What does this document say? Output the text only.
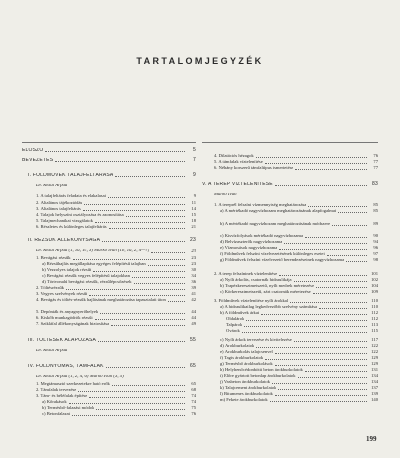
TARTALOMJEGYZÉK
ELŐSZÓ	5
BEVEZETÉS	7
I. FÖLDMŰVEK TALAJFELTÁRÁSA	9
Dr. Kézdi Árpád
1. A talajfeltárás feladata és elakalasai	9
2. Általános tájékoztódás	11
3. Általános talajfeltárás	14
4. Talajok helyszíni osztályozása és azonosítása	15
5. Talajmechanikai vizsgálatok	18
6. Részletes és különleges talajfeltárás	21
II. RÉZSŰK ÁLLÉKONYSÁGA	23
Dr. Kézdi Árpád (1, 1a, 1c, 3) Markó Iván (1b, 1d, 2, 4—7)	23
1. Bevágási rézsűk	23
a) Rézsűhajlás megállapítása egyéges felépítésű talajban	23
b) Vezzolyes talajok rézsűi	30
c) Bevágási rézsűk vegyes felépítésű talajokban	34
d) Törtvonalú bevágási rézsűk, rézsűlépcsőzések	36
2. Töltésrézsűk	39
3. Vegyes szelvények rézsűi	41
4. Bevágás és töltés-rézsűk hajlásának meghatározása tapasztalati úton	42
5. Depóniák és anyagnyerőhelyek	44
6. Kiskőb munkagödrök rézsűi	44
7. Szikláfal állékonyságának biztosítása	49
III. TÖLTÉSEK ALAPOZÁSA	55
Dr. Kézdi Árpád
IV. FÖLDNYOMÁS, TÁMFALAK	65
Dr. Kézdi Árpád (1, 2, 4, 6) Markó Iván (3, 5)
1. Megtámasztó szerkezetekre ható erők	65
2. Támfalak tervezése	68
3. Tám- és béléfalak építése	74
a) Kőrakások	74
b) Termésbő-falazási módok	75
c) Betonfalazat	76
4. Dilatációs hézagok	76
5. A támfalak víztelenítése	77
6. Néhány korszerű támfaltípus ismertetése	77
V. A TEREP VÍZTELENÍTÉSE	83
Markó Iván
1. A tereprél felszíni vízmennyiség meghatározása	85
a) A mértékadó nagyvízhozam meghatározásának alapfogalmai	85
b) A mértékadó nagyvízhozam meghatározásának módszere	89
c) Kisvízfolyások mértékadó nagyvízhozama	90
d) Belvízaszterők nagyvízhozama	94
e) Vízmosások nagyvízhozama	96
f) Földművek felszíni vízelvezetésének különleges esetei	97
g) Földművek felszíni vízelvezető berendezéseinek nagyvízhozama	98
2. A terep felszíninek víztelenítése	101
a) Nyílt árkolás, csatornák hidraulikája	102
b) Trapézkeresztmetszetű, nyílt medrek méretezése	104
c) Körkeresztmetszetű, zárt csatornák méretezése	109
3. Földművek víztelenítése nyílt árokkal	110
a) A hidraulikailag legkedvezőbb szelvény számítása	110
b) A földművek árkai	112
Oldalárok	112
Talpárok	113
Övárok	115
c) Nyílt árkok tervezése és kivitelezése	117
d) Árokburkolatok	122
e) Árokburkolás talajcsenvel	122
f) Tagis árokburkolatok	129
g) Termésbő árokburkolások	129
h) Helyhenőcédonbötti beton árokburkolatok	131
i) Előre gyártott betonlap árokburkolatok	134
j) Vasbeton árokburkolatok	134
k) Talajcement árokburkolatok	137
l) Bitumenes árokburkolatok	139
m) Fekete árokburkolatok	140
199
